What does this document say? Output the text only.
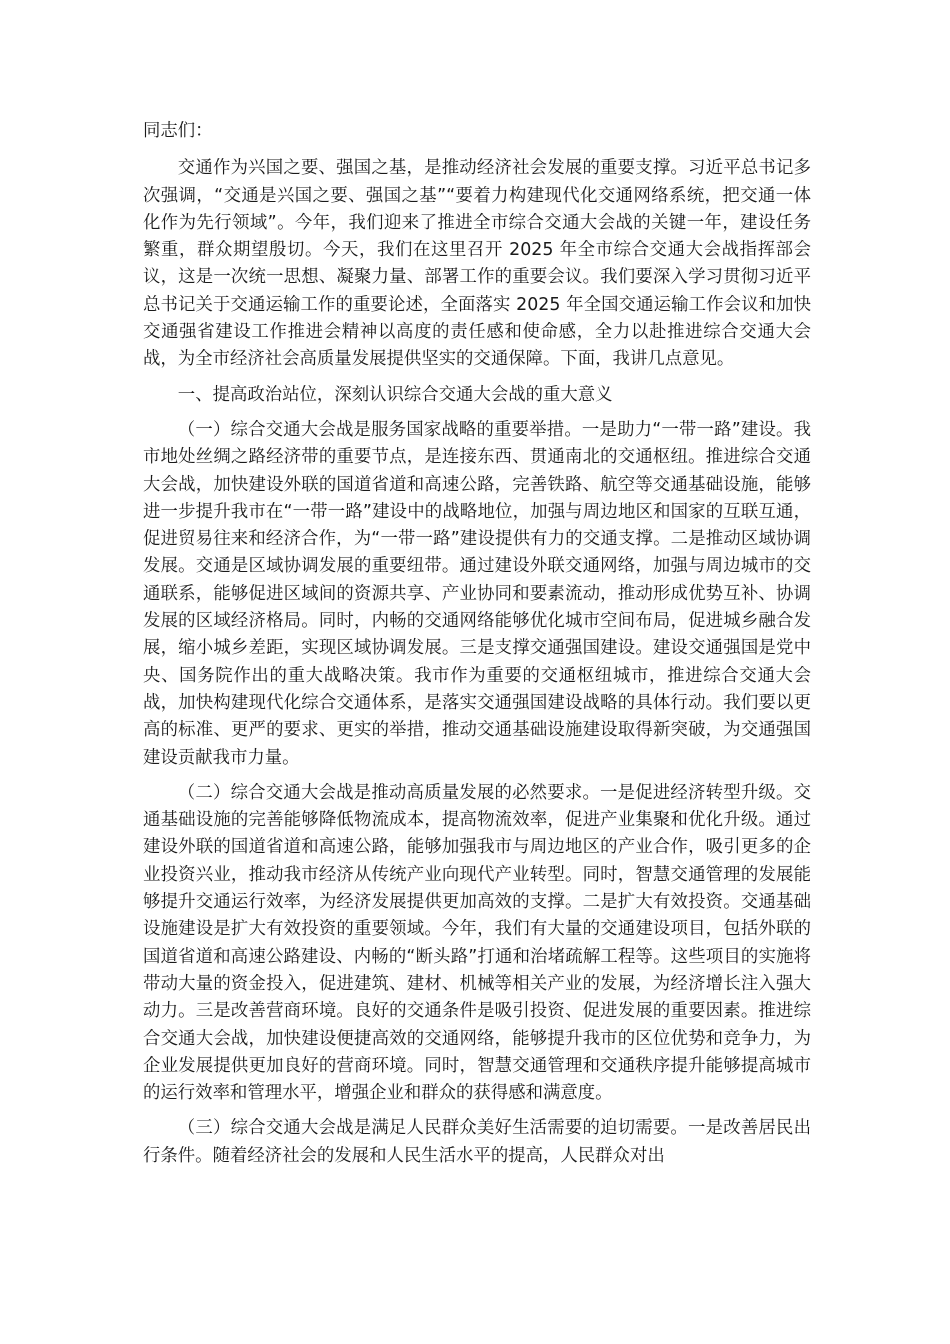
同志们：

交通作为兴国之要、强国之基，是推动经济社会发展的重要支撑。习近平总书记多次强调，“交通是兴国之要、强国之基”“要着力构建现代化交通网络系统，把交通一体化作为先行领域”。今年，我们迎来了推进全市综合交通大会战的关键一年，建设任务繁重，群众期望殷切。今天，我们在这里召开 2025 年全市综合交通大会战指挥部会议，这是一次统一思想、凝聚力量、部署工作的重要会议。我们要深入学习贯彻习近平总书记关于交通运输工作的重要论述，全面落实 2025 年全国交通运输工作会议和加快交通强省建设工作推进会精神以高度的责任感和使命感，全力以赴推进综合交通大会战，为全市经济社会高质量发展提供坚实的交通保障。下面，我讲几点意见。

一、提高政治站位，深刻认识综合交通大会战的重大意义

（一）综合交通大会战是服务国家战略的重要举措。一是助力“一带一路”建设。我市地处丝绸之路经济带的重要节点，是连接东西、贯通南北的交通枢纽。推进综合交通大会战，加快建设外联的国道省道和高速公路，完善铁路、航空等交通基础设施，能够进一步提升我市在“一带一路”建设中的战略地位，加强与周边地区和国家的互联互通，促进贸易往来和经济合作，为“一带一路”建设提供有力的交通支撑。二是推动区域协调发展。交通是区域协调发展的重要纽带。通过建设外联交通网络，加强与周边城市的交通联系，能够促进区域间的资源共享、产业协同和要素流动，推动形成优势互补、协调发展的区域经济格局。同时，内畅的交通网络能够优化城市空间布局，促进城乡融合发展，缩小城乡差距，实现区域协调发展。三是支撑交通强国建设。建设交通强国是党中央、国务院作出的重大战略决策。我市作为重要的交通枢纽城市，推进综合交通大会战，加快构建现代化综合交通体系，是落实交通强国建设战略的具体行动。我们要以更高的标准、更严的要求、更实的举措，推动交通基础设施建设取得新突破，为交通强国建设贡献我市力量。

（二）综合交通大会战是推动高质量发展的必然要求。一是促进经济转型升级。交通基础设施的完善能够降低物流成本，提高物流效率，促进产业集聚和优化升级。通过建设外联的国道省道和高速公路，能够加强我市与周边地区的产业合作，吸引更多的企业投资兴业，推动我市经济从传统产业向现代产业转型。同时，智慧交通管理的发展能够提升交通运行效率，为经济发展提供更加高效的支撑。二是扩大有效投资。交通基础设施建设是扩大有效投资的重要领域。今年，我们有大量的交通建设项目，包括外联的国道省道和高速公路建设、内畅的“断头路”打通和治堵疏解工程等。这些项目的实施将带动大量的资金投入，促进建筑、建材、机械等相关产业的发展，为经济增长注入强大动力。三是改善营商环境。良好的交通条件是吸引投资、促进发展的重要因素。推进综合交通大会战，加快建设便捷高效的交通网络，能够提升我市的区位优势和竞争力，为企业发展提供更加良好的营商环境。同时，智慧交通管理和交通秩序提升能够提高城市的运行效率和管理水平，增强企业和群众的获得感和满意度。

（三）综合交通大会战是满足人民群众美好生活需要的迫切需要。一是改善居民出行条件。随着经济社会的发展和人民生活水平的提高，人民群众对出
